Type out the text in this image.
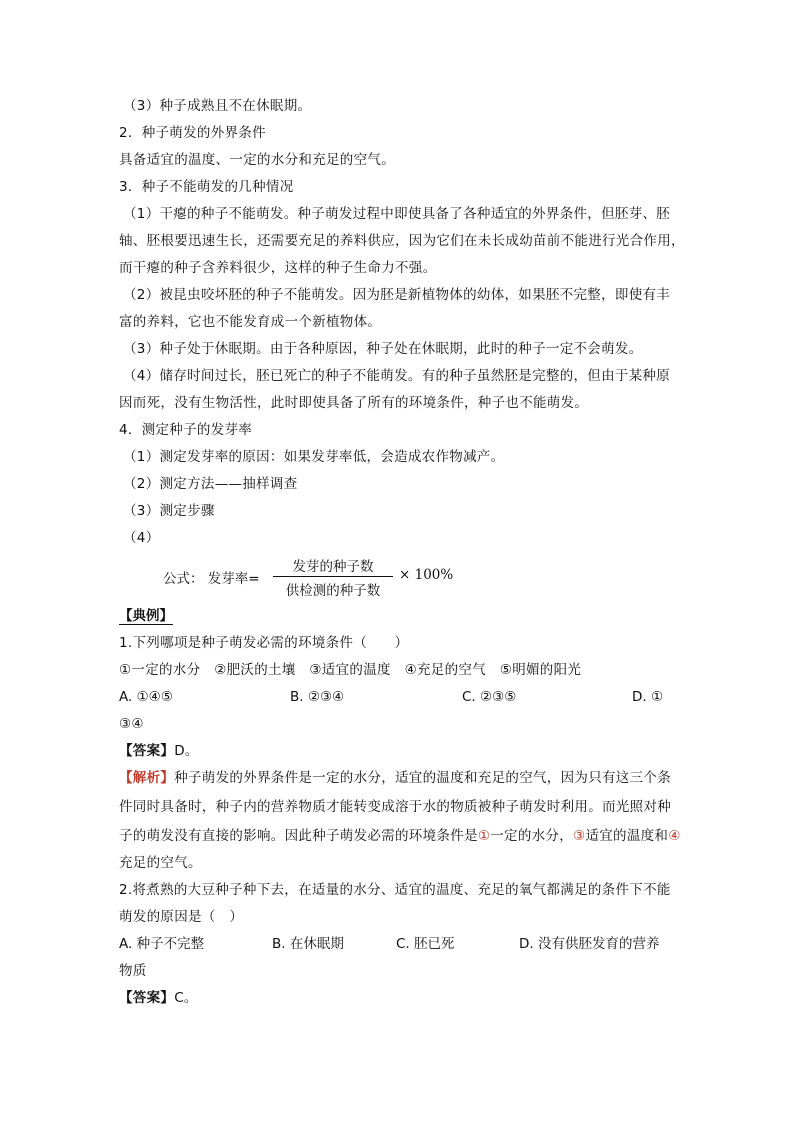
（3）种子成熟且不在休眠期。
2．种子萌发的外界条件
具备适宜的温度、一定的水分和充足的空气。
3．种子不能萌发的几种情况
（1）干瘪的种子不能萌发。种子萌发过程中即使具备了各种适宜的外界条件，但胚芽、胚
轴、胚根要迅速生长，还需要充足的养料供应，因为它们在未长成幼苗前不能进行光合作用，
而干瘪的种子含养料很少，这样的种子生命力不强。
（2）被昆虫咬坏胚的种子不能萌发。因为胚是新植物体的幼体，如果胚不完整，即使有丰
富的养料，它也不能发育成一个新植物体。
（3）种子处于休眠期。由于各种原因，种子处在休眠期，此时的种子一定不会萌发。
（4）储存时间过长，胚已死亡的种子不能萌发。有的种子虽然胚是完整的，但由于某种原
因而死，没有生物活性，此时即使具备了所有的环境条件，种子也不能萌发。
4．测定种子的发芽率
（1）测定发芽率的原因：如果发芽率低，会造成农作物减产。
（2）测定方法——抽样调查
（3）测定步骤
（4）
公式： 发芽率=
发芽的种子数
供检测的种子数
× 100%
【典例】
1.下列哪项是种子萌发必需的环境条件（　　）
①一定的水分　②肥沃的土壤　③适宜的温度　④充足的空气　⑤明媚的阳光
A. ①④⑤	B. ②③④	C. ②③⑤	D. ①
③④
【答案】D。
【解析】种子萌发的外界条件是一定的水分，适宜的温度和充足的空气，因为只有这三个条
件同时具备时，种子内的营养物质才能转变成溶于水的物质被种子萌发时利用。而光照对种
子的萌发没有直接的影响。因此种子萌发必需的环境条件是①一定的水分，③适宜的温度和④
充足的空气。
2.将煮熟的大豆种子种下去，在适量的水分、适宜的温度、充足的氧气都满足的条件下不能
萌发的原因是（　）
A. 种子不完整	B. 在休眠期	C. 胚已死	D. 没有供胚发育的营养
物质
【答案】C。
